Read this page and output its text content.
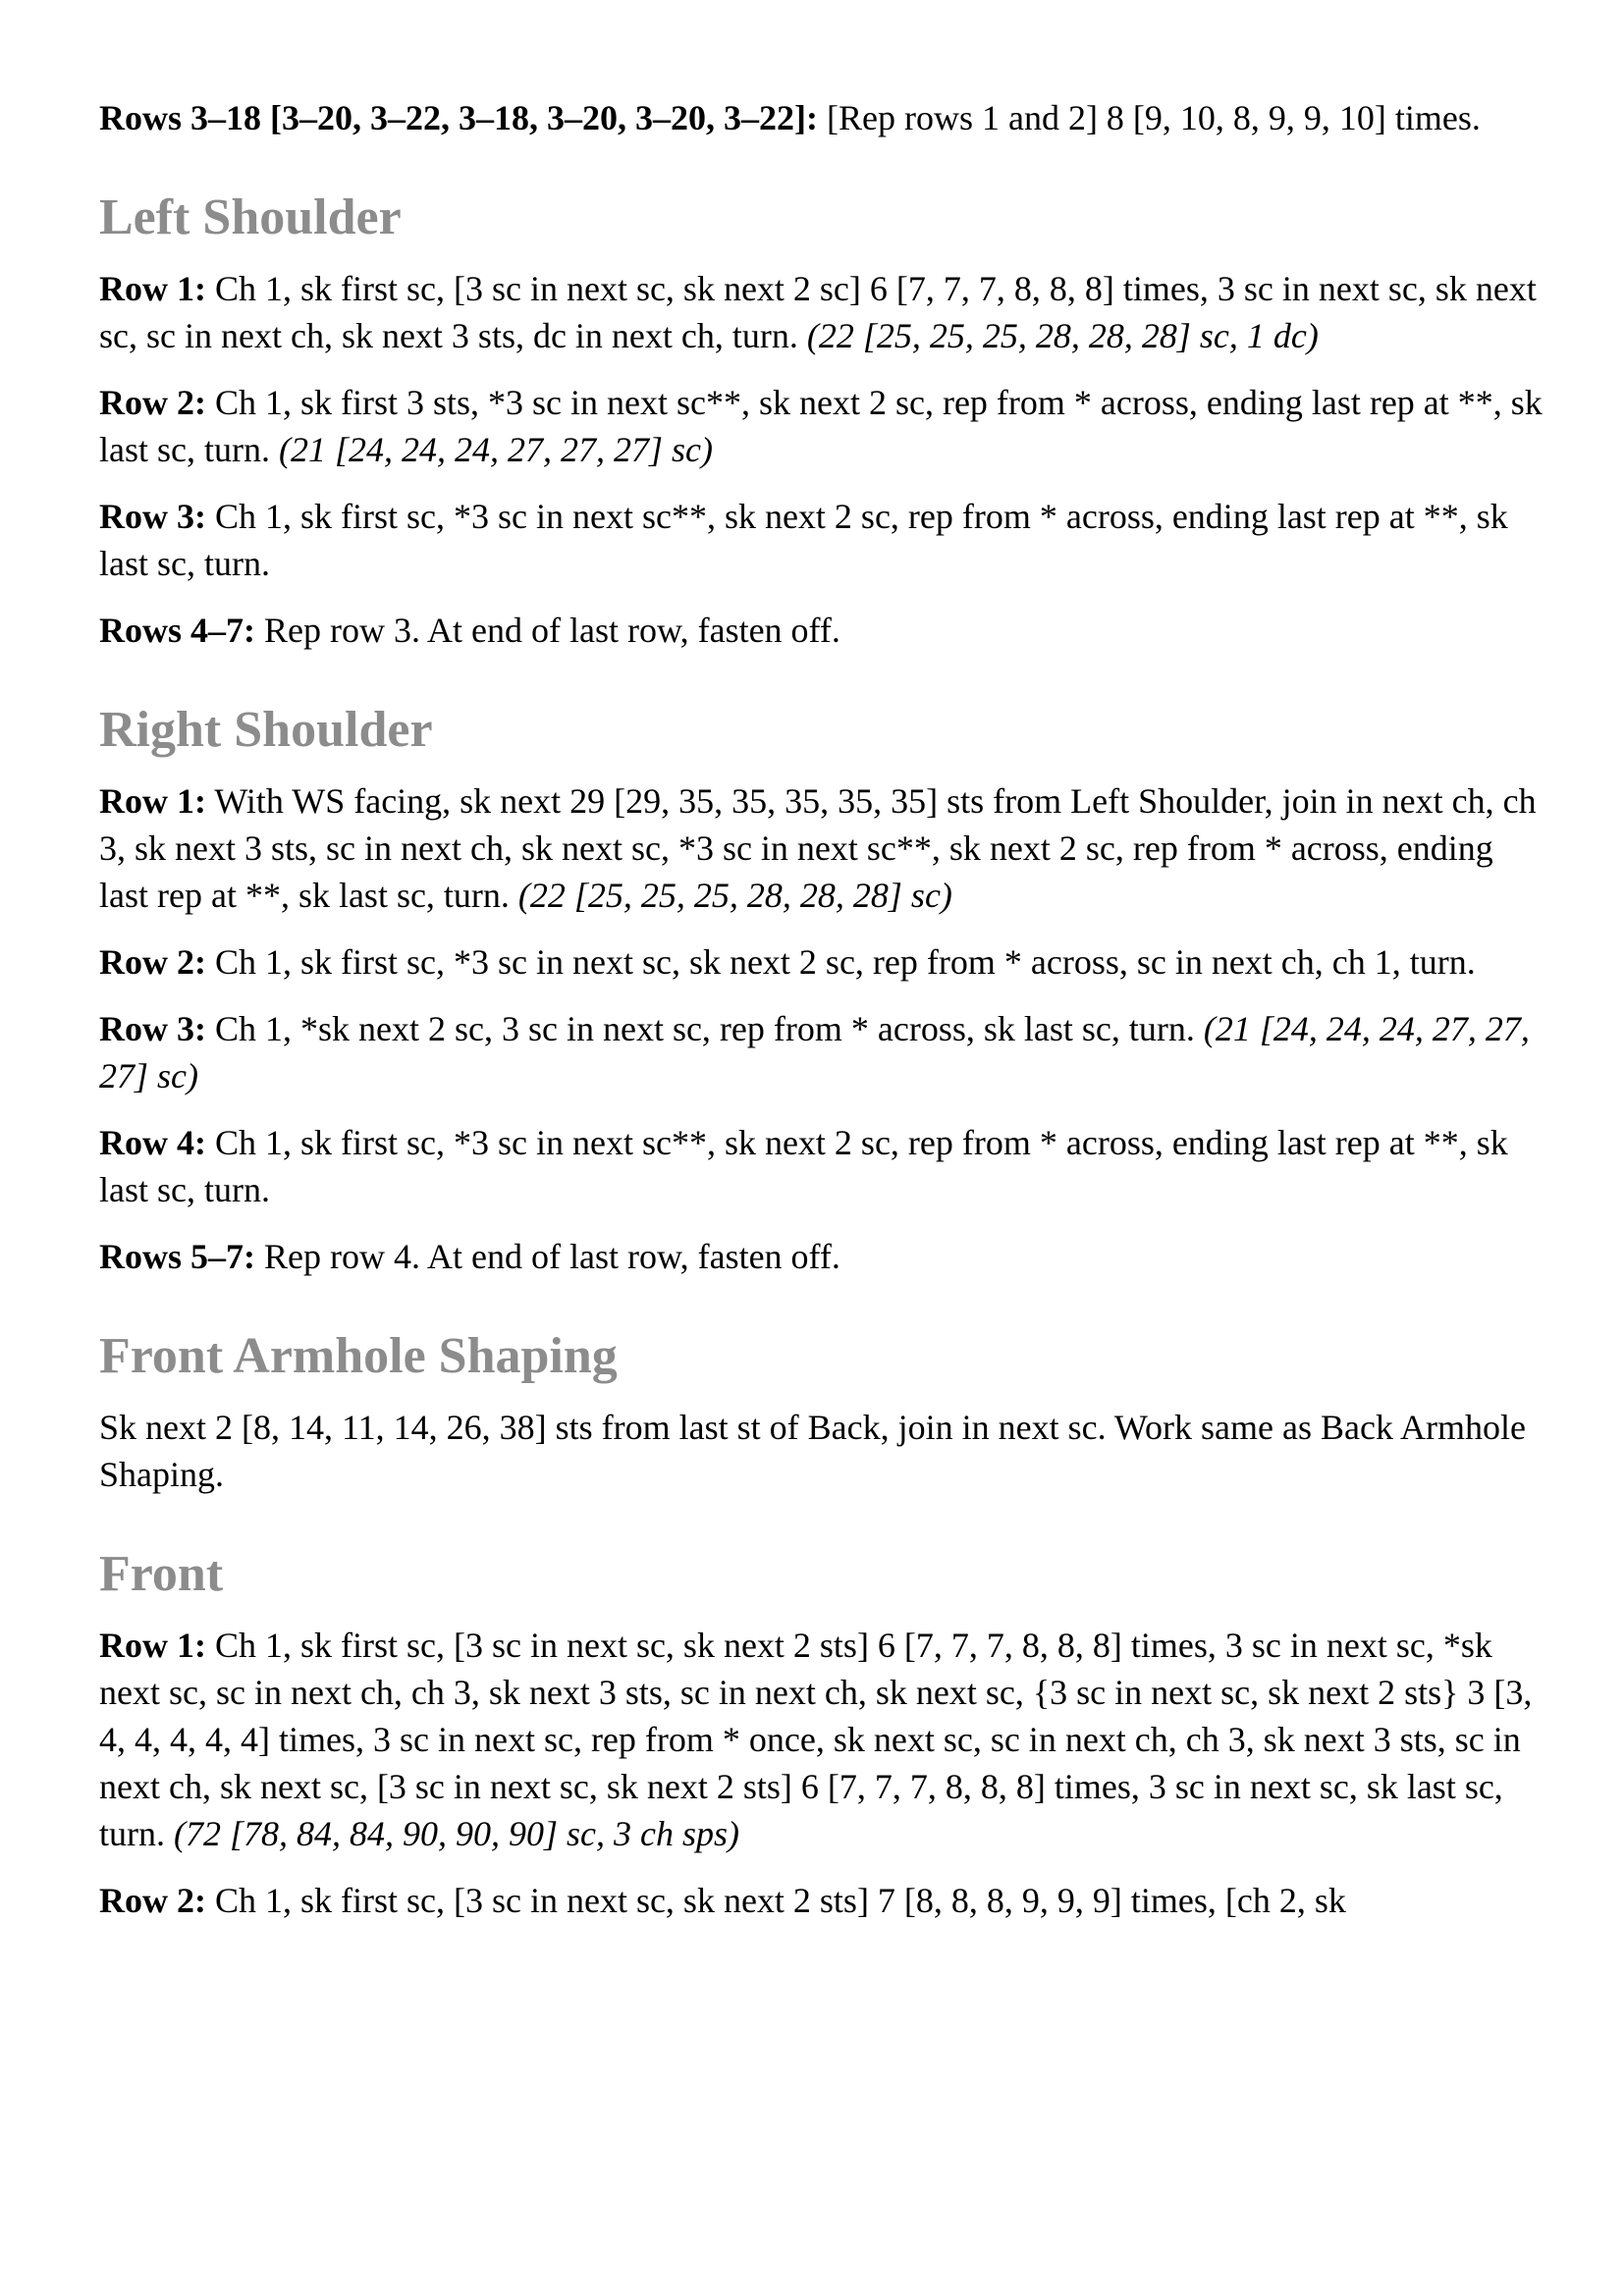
Rows 3–18 [3–20, 3–22, 3–18, 3–20, 3–20, 3–22]: [Rep rows 1 and 2] 8 [9, 10, 8, 9, 9, 10] times.

Left Shoulder

Row 1: Ch 1, sk first sc, [3 sc in next sc, sk next 2 sc] 6 [7, 7, 7, 8, 8, 8] times, 3 sc in next sc, sk next sc, sc in next ch, sk next 3 sts, dc in next ch, turn. (22 [25, 25, 25, 28, 28, 28] sc, 1 dc)

Row 2: Ch 1, sk first 3 sts, *3 sc in next sc**, sk next 2 sc, rep from * across, ending last rep at **, sk last sc, turn. (21 [24, 24, 24, 27, 27, 27] sc)

Row 3: Ch 1, sk first sc, *3 sc in next sc**, sk next 2 sc, rep from * across, ending last rep at **, sk last sc, turn.

Rows 4–7: Rep row 3. At end of last row, fasten off.

Right Shoulder

Row 1: With WS facing, sk next 29 [29, 35, 35, 35, 35, 35] sts from Left Shoulder, join in next ch, ch 3, sk next 3 sts, sc in next ch, sk next sc, *3 sc in next sc**, sk next 2 sc, rep from * across, ending last rep at **, sk last sc, turn. (22 [25, 25, 25, 28, 28, 28] sc)

Row 2: Ch 1, sk first sc, *3 sc in next sc, sk next 2 sc, rep from * across, sc in next ch, ch 1, turn.

Row 3: Ch 1, *sk next 2 sc, 3 sc in next sc, rep from * across, sk last sc, turn. (21 [24, 24, 24, 27, 27, 27] sc)

Row 4: Ch 1, sk first sc, *3 sc in next sc**, sk next 2 sc, rep from * across, ending last rep at **, sk last sc, turn.

Rows 5–7: Rep row 4. At end of last row, fasten off.

Front Armhole Shaping

Sk next 2 [8, 14, 11, 14, 26, 38] sts from last st of Back, join in next sc. Work same as Back Armhole Shaping.

Front

Row 1: Ch 1, sk first sc, [3 sc in next sc, sk next 2 sts] 6 [7, 7, 7, 8, 8, 8] times, 3 sc in next sc, *sk next sc, sc in next ch, ch 3, sk next 3 sts, sc in next ch, sk next sc, {3 sc in next sc, sk next 2 sts} 3 [3, 4, 4, 4, 4, 4] times, 3 sc in next sc, rep from * once, sk next sc, sc in next ch, ch 3, sk next 3 sts, sc in next ch, sk next sc, [3 sc in next sc, sk next 2 sts] 6 [7, 7, 7, 8, 8, 8] times, 3 sc in next sc, sk last sc, turn. (72 [78, 84, 84, 90, 90, 90] sc, 3 ch sps)

Row 2: Ch 1, sk first sc, [3 sc in next sc, sk next 2 sts] 7 [8, 8, 8, 9, 9, 9] times, [ch 2, sk
